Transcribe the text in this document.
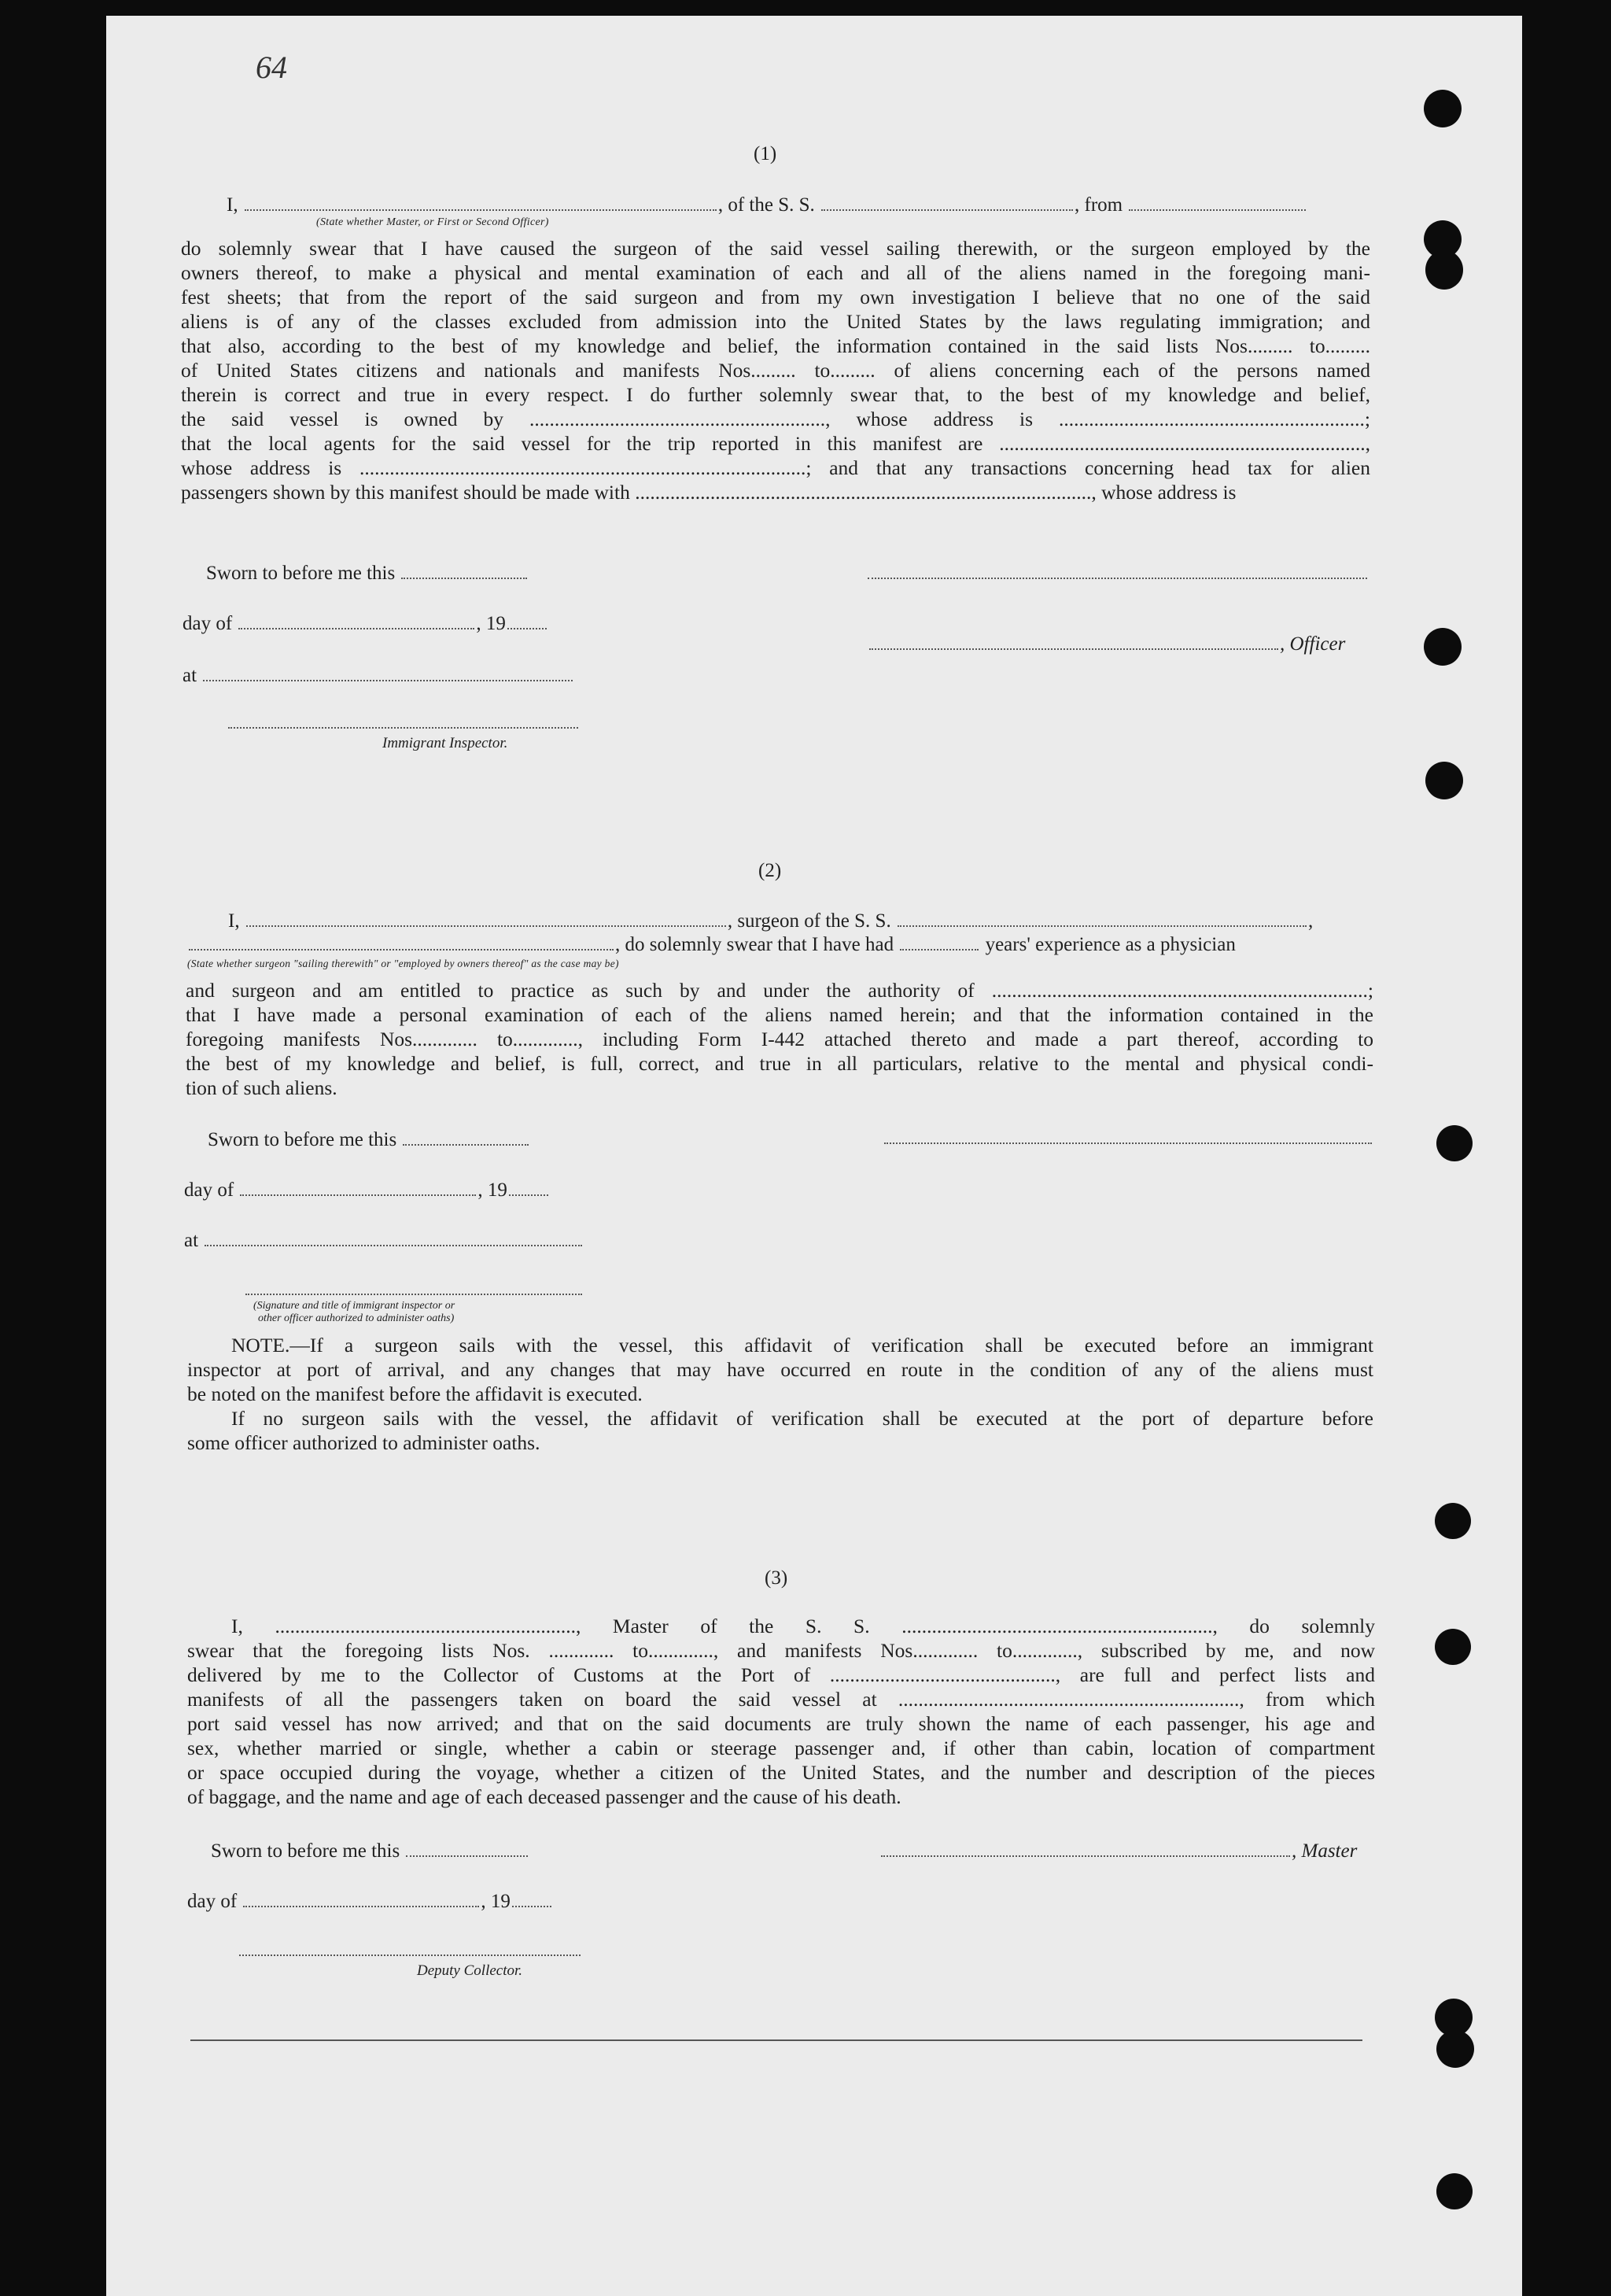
64
(1)
I,	, of the S. S.	, from
(State whether Master, or First or Second Officer)
do solemnly swear that I have caused the surgeon of the said vessel sailing therewith, or the surgeon employed by the
owners thereof, to make a physical and mental examination of each and all of the aliens named in the foregoing mani-
fest sheets; that from the report of the said surgeon and from my own investigation I believe that no one of the said
aliens is of any of the classes excluded from admission into the United States by the laws regulating immigration; and
that also, according to the best of my knowledge and belief, the information contained in the said lists Nos......... to.........
of United States citizens and nationals and manifests Nos......... to......... of aliens concerning each of the persons named
therein is correct and true in every respect. I do further solemnly swear that, to the best of my knowledge and belief,
the said vessel is owned by ..........................................................., whose address is .............................................................;
that the local agents for the said vessel for the trip reported in this manifest are .........................................................................,
whose address is .........................................................................................; and that any transactions concerning head tax for alien
passengers shown by this manifest should be made with ..........................................................................................., whose address is
Sworn to before me this
day of	, 19
, Officer
at
Immigrant Inspector.
(2)
I,	, surgeon of the S. S.	,
, do solemnly swear that I have had	years' experience as a physician
(State whether surgeon "sailing therewith" or "employed by owners thereof" as the case may be)
and surgeon and am entitled to practice as such by and under the authority of ...........................................................................;
that I have made a personal examination of each of the aliens named herein; and that the information contained in the
foregoing manifests Nos............. to............., including Form I-442 attached thereto and made a part thereof, according to
the best of my knowledge and belief, is full, correct, and true in all particulars, relative to the mental and physical condi-
tion of such aliens.
Sworn to before me this
day of	, 19
at
(Signature and title of immigrant inspector or
other officer authorized to administer oaths)
NOTE.—If a surgeon sails with the vessel, this affidavit of verification shall be executed before an immigrant
inspector at port of arrival, and any changes that may have occurred en route in the condition of any of the aliens must
be noted on the manifest before the affidavit is executed.
If no surgeon sails with the vessel, the affidavit of verification shall be executed at the port of departure before
some officer authorized to administer oaths.
(3)
I, ............................................................, Master of the S. S. .............................................................., do solemnly
swear that the foregoing lists Nos. ............. to............., and manifests Nos............. to............., subscribed by me, and now
delivered by me to the Collector of Customs at the Port of ............................................., are full and perfect lists and
manifests of all the passengers taken on board the said vessel at ...................................................................., from which
port said vessel has now arrived; and that on the said documents are truly shown the name of each passenger, his age and
sex, whether married or single, whether a cabin or steerage passenger and, if other than cabin, location of compartment
or space occupied during the voyage, whether a citizen of the United States, and the number and description of the pieces
of baggage, and the name and age of each deceased passenger and the cause of his death.
Sworn to before me this	, Master
day of	, 19
Deputy Collector.
